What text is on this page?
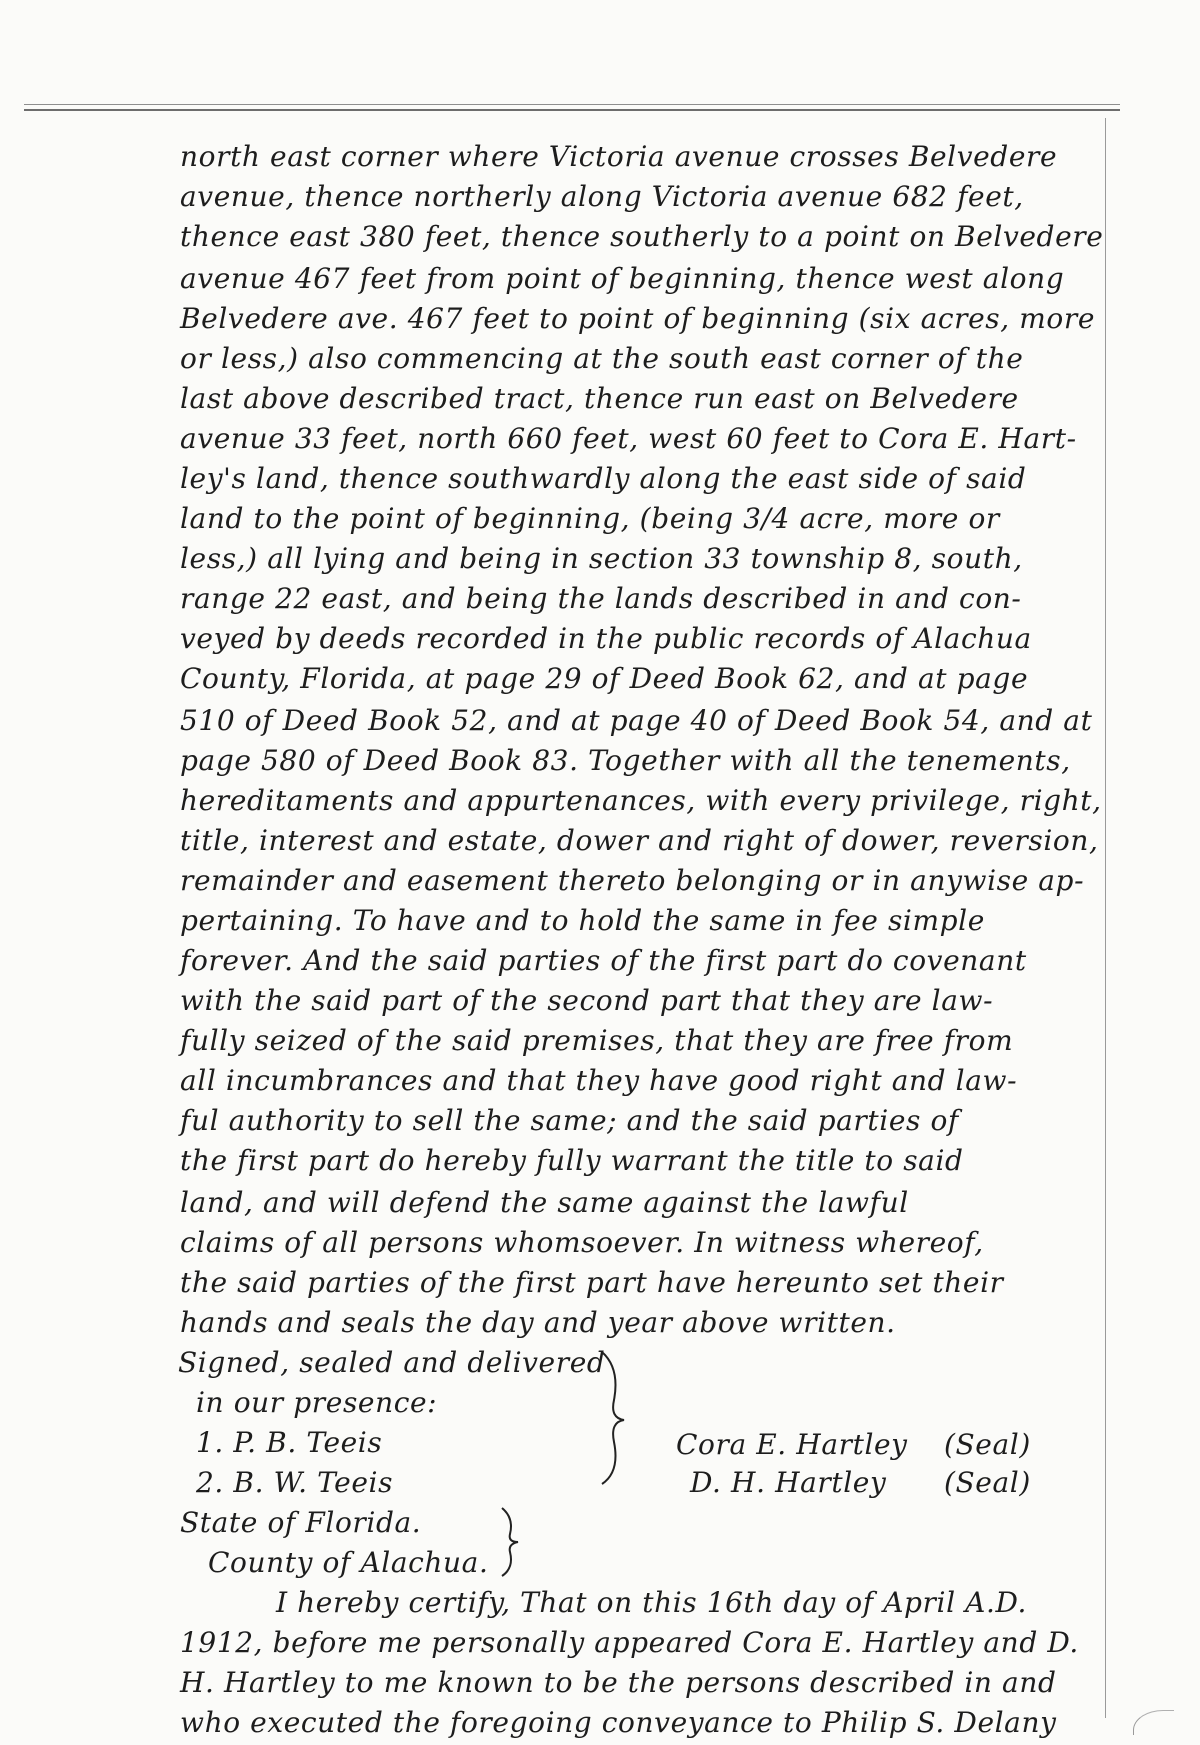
north east corner where Victoria avenue crosses Belvedere
avenue, thence northerly along Victoria avenue 682 feet,
thence east 380 feet, thence southerly to a point on Belvedere
avenue 467 feet from point of beginning, thence west along
Belvedere ave. 467 feet to point of beginning (six acres, more
or less,) also commencing at the south east corner of the
last above described tract, thence run east on Belvedere
avenue 33 feet, north 660 feet, west 60 feet to Cora E. Hart-
ley's land, thence southwardly along the east side of said
land to the point of beginning, (being 3/4 acre, more or
less,) all lying and being in section 33 township 8, south,
range 22 east, and being the lands described in and con-
veyed by deeds recorded in the public records of Alachua
County, Florida, at page 29 of Deed Book 62, and at page
510 of Deed Book 52, and at page 40 of Deed Book 54, and at
page 580 of Deed Book 83. Together with all the tenements,
hereditaments and appurtenances, with every privilege, right,
title, interest and estate, dower and right of dower, reversion,
remainder and easement thereto belonging or in anywise ap-
pertaining. To have and to hold the same in fee simple
forever. And the said parties of the first part do covenant
with the said part of the second part that they are law-
fully seized of the said premises, that they are free from
all incumbrances and that they have good right and law-
ful authority to sell the same; and the said parties of
the first part do hereby fully warrant the title to said
land, and will defend the same against the lawful
claims of all persons whomsoever. In witness whereof,
the said parties of the first part have hereunto set their
hands and seals the day and year above written.
Signed, sealed and delivered
in our presence:
1. P. B. Teeis
2. B. W. Teeis
Cora E. Hartley (Seal)
D. H. Hartley (Seal)
State of Florida.
County of Alachua.
I hereby certify, That on this 16th day of April A.D.
1912, before me personally appeared Cora E. Hartley and D.
H. Hartley to me known to be the persons described in and
who executed the foregoing conveyance to Philip S. Delany
